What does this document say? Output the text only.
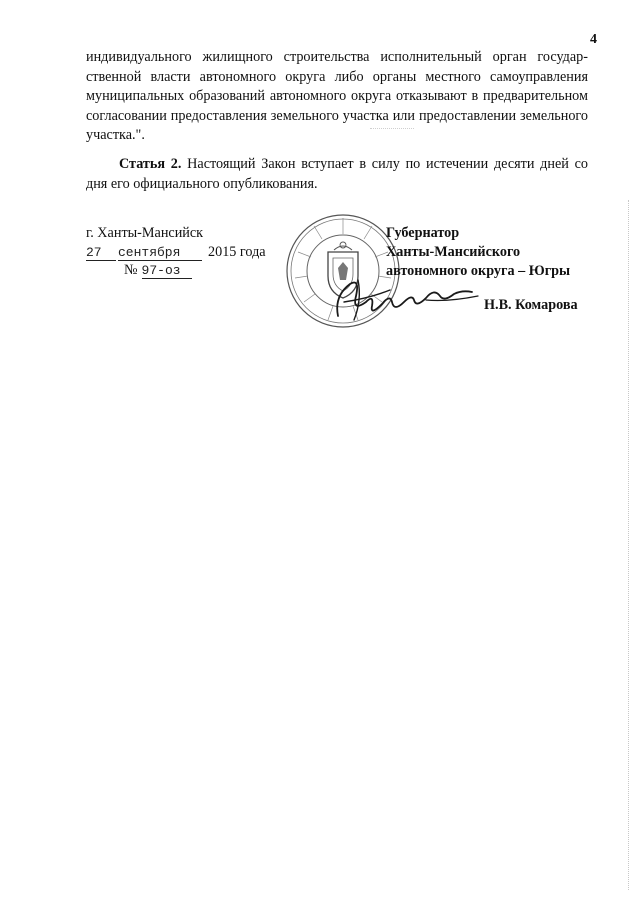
4

индивидуального жилищного строительства исполнительный орган государственной власти автономного округа либо органы местного самоуправления муниципальных образований автономного округа отказывают в предварительном согласовании предоставления земельного участка или предоставлении земельного участка.".

Статья 2. Настоящий Закон вступает в силу по истечении десяти дней со дня его официального опубликования.

г. Ханты-Мансийск
27 сентября 2015 года
№ 97-оз
Губернатор
Ханты-Мансийского
автономного округа – Югры
Н.В. Комарова
